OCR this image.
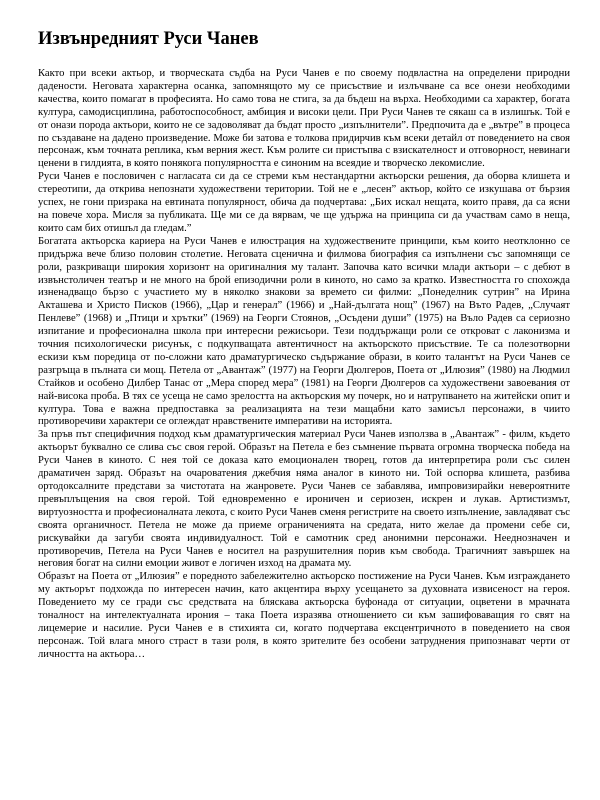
Извънредният Руси Чанев

Както при всеки актьор, и творческата съдба на Руси Чанев е по своему подвластна на определени природни дадености. Неговата характерна осанка, запомнящото му се присъствие и излъчване са все онези необходими качества, които помагат в професията. Но само това не стига, за да бъдеш на върха. Необходими са характер, богата култура, самодисциплина, работоспособност, амбиция и високи цели. При Руси Чанев те сякаш са в излишък. Той е от онази порода актьори, които не се задоволяват да бъдат просто „изпълнители”. Предпочита да е „вътре” в процеса по създаване на дадено произведение. Може би затова е толкова придирчив към всеки детайл от поведението на своя персонаж, към точната реплика, към верния жест. Към ролите си пристъпва с взискателност и отговорност, невинаги ценени в гилдията, в която понякога популярността е синоним на всеядие и творческо лекомислие.

Руси Чанев е пословичен с нагласата си да се стреми към нестандартни актьорски решения, да оборва клишета и стереотипи, да открива непознати художествени територии. Той не е „лесен” актьор, който се изкушава от бързия успех, не гони призрака на евтината популярност, обича да подчертава: „Бих искал нещата, които правя, да са ясни на повече хора. Мисля за публиката. Ще ми се да вярвам, че ще удържа на принципа си да участвам само в неща, които сам бих отишъл да гледам.”

Богатата актьорска кариера на Руси Чанев е илюстрация на художествените принципи, към които неотклонно се придържа вече близо половин столетие. Неговата сценична и филмова биография са изпълнени със запомнящи се роли, разкриващи широкия хоризонт на оригиналния му талант. Започва като всички млади актьори – с дебют в извънстоличен театър и не много на брой епизодични роли в киното, но само за кратко. Известността го спохожда изненадващо бързо с участието му в няколко знакови за времето си филми: „Понеделник сутрин” на Ирина Акташева и Христо Писков (1966), „Цар и генерал” (1966) и „Най-дългата нощ” (1967) на Вътo Радев, „Случаят Пенлеве” (1968) и „Птици и хрътки” (1969) на Георги Стоянов, „Осъдени души” (1975) на Въло Радев са сериозно изпитание и професионална школа при интересни режисьори. Тези поддържащи роли се откроват с лаконизма и точния психологически рисунък, с подкупващата автентичност на актьорското присъствие. Те са полезотворни ескизи към поредица от по-сложни като драматургическо съдържание образи, в които талантът на Руси Чанев се разгръща в пълната си мощ. Петела от „Авантаж” (1977) на Георги Дюлгеров, Поета от „Илюзия” (1980) на Людмил Стайков и особено Дилбер Танас от „Мера според мера” (1981) на Георги Дюлгеров са художествени завоевания от най-висока проба. В тях се усеща не само зрелостта на актьорския му почерк, но и натрупването на житейски опит и култура. Това е важна предпоставка за реализацията на тези мащабни като замисъл персонажи, в чиито противоречиви характери се оглеждат нравствените императиви на историята.

За пръв път специфичния подход към драматургическия материал Руси Чанев използва в „Авантаж” - филм, където актьорът буквално се слива със своя герой. Образът на Петела е без съмнение първата огромна творческа победа на Руси Чанев в киното. С нея той се доказа като емоционален творец, готов да интерпретира роли със силен драматичен заряд. Образът на очароватения джебчия няма аналог в киното ни. Той оспорва клишета, разбива ортодоксалните представи за чистотата на жанровете. Руси Чанев се забавлява, импровизирайки невероятните превъплъщения на своя герой. Той едновременно е ироничен и сериозен, искрен и лукав. Артистизмът, виртуозността и професионалната лекота, с които Руси Чанев сменя регистрите на своето изпълнение, завладяват със своята органичност. Петела не може да приеме ограниченията на средата, нито желае да промени себе си, рискувайки да загуби своята индивидуалност. Той е самотник сред анонимни персонажи. Нееднозначен и противоречив, Петела на Руси Чанев е носител на разрушителния порив към свобода. Трагичният завършек на неговия богат на силни емоции живот е логичен изход на драмата му.

Образът на Поета от „Илюзия” е поредното забележително актьорско постижение на Руси Чанев. Към изграждането му актьорът подхожда по интересен начин, като акцентира върху усещането за духовната извисеност на героя. Поведението му се гради със средствата на бляскава актьорска буфонада от ситуации, оцветени в мрачната тоналност на интелектуалната ирония – така Поета изразява отношението си към зашифоваващия го свят на лицемерие и насилие. Руси Чанев е в стихията си, когато подчертава ексцентричното в поведението на своя персонаж. Той влага много страст в тази роля, в която зрителите без особени затруднения припознават черти от личността на актьора…
